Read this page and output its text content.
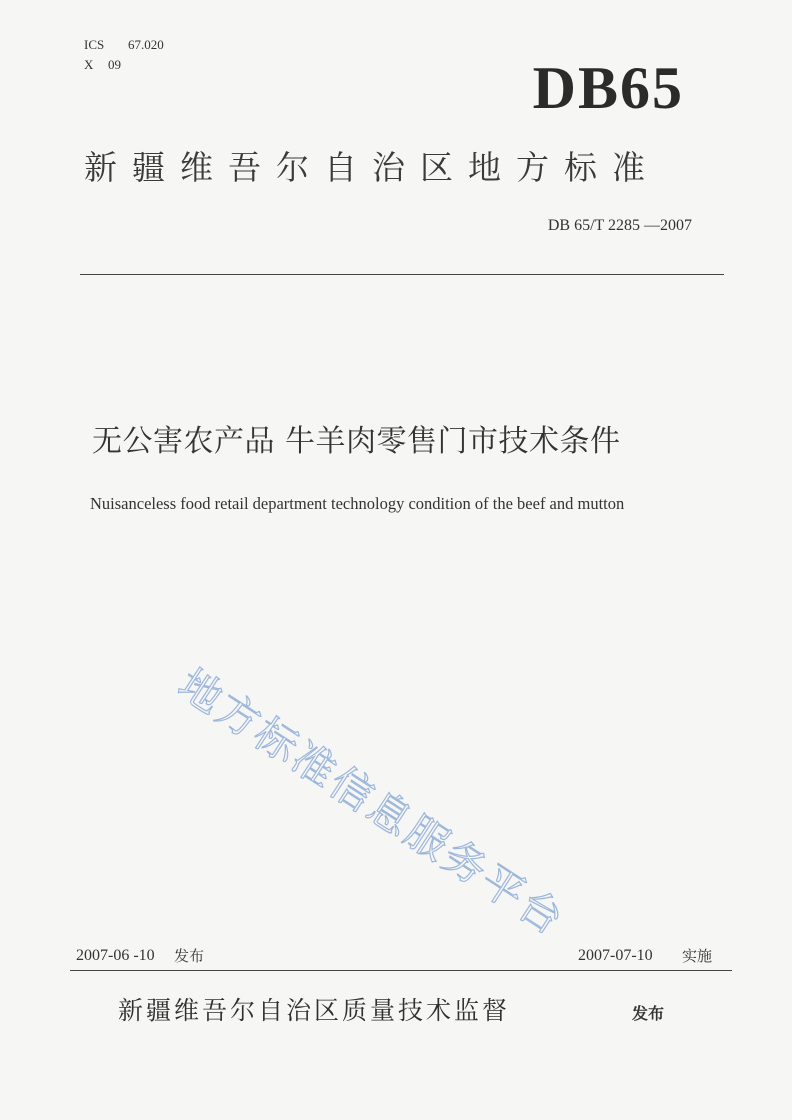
ICS 67.020
X 09	DB65
新疆维吾尔自治区地方标准
DB 65/T 2285 —2007
无公害农产品 牛羊肉零售门市技术条件
Nuisanceless food retail department technology condition of the beef and mutton
地方标准信息服务平台
2007-06 -10 发布	2007-07-10 实施
新疆维吾尔自治区质量技术监督	发布
